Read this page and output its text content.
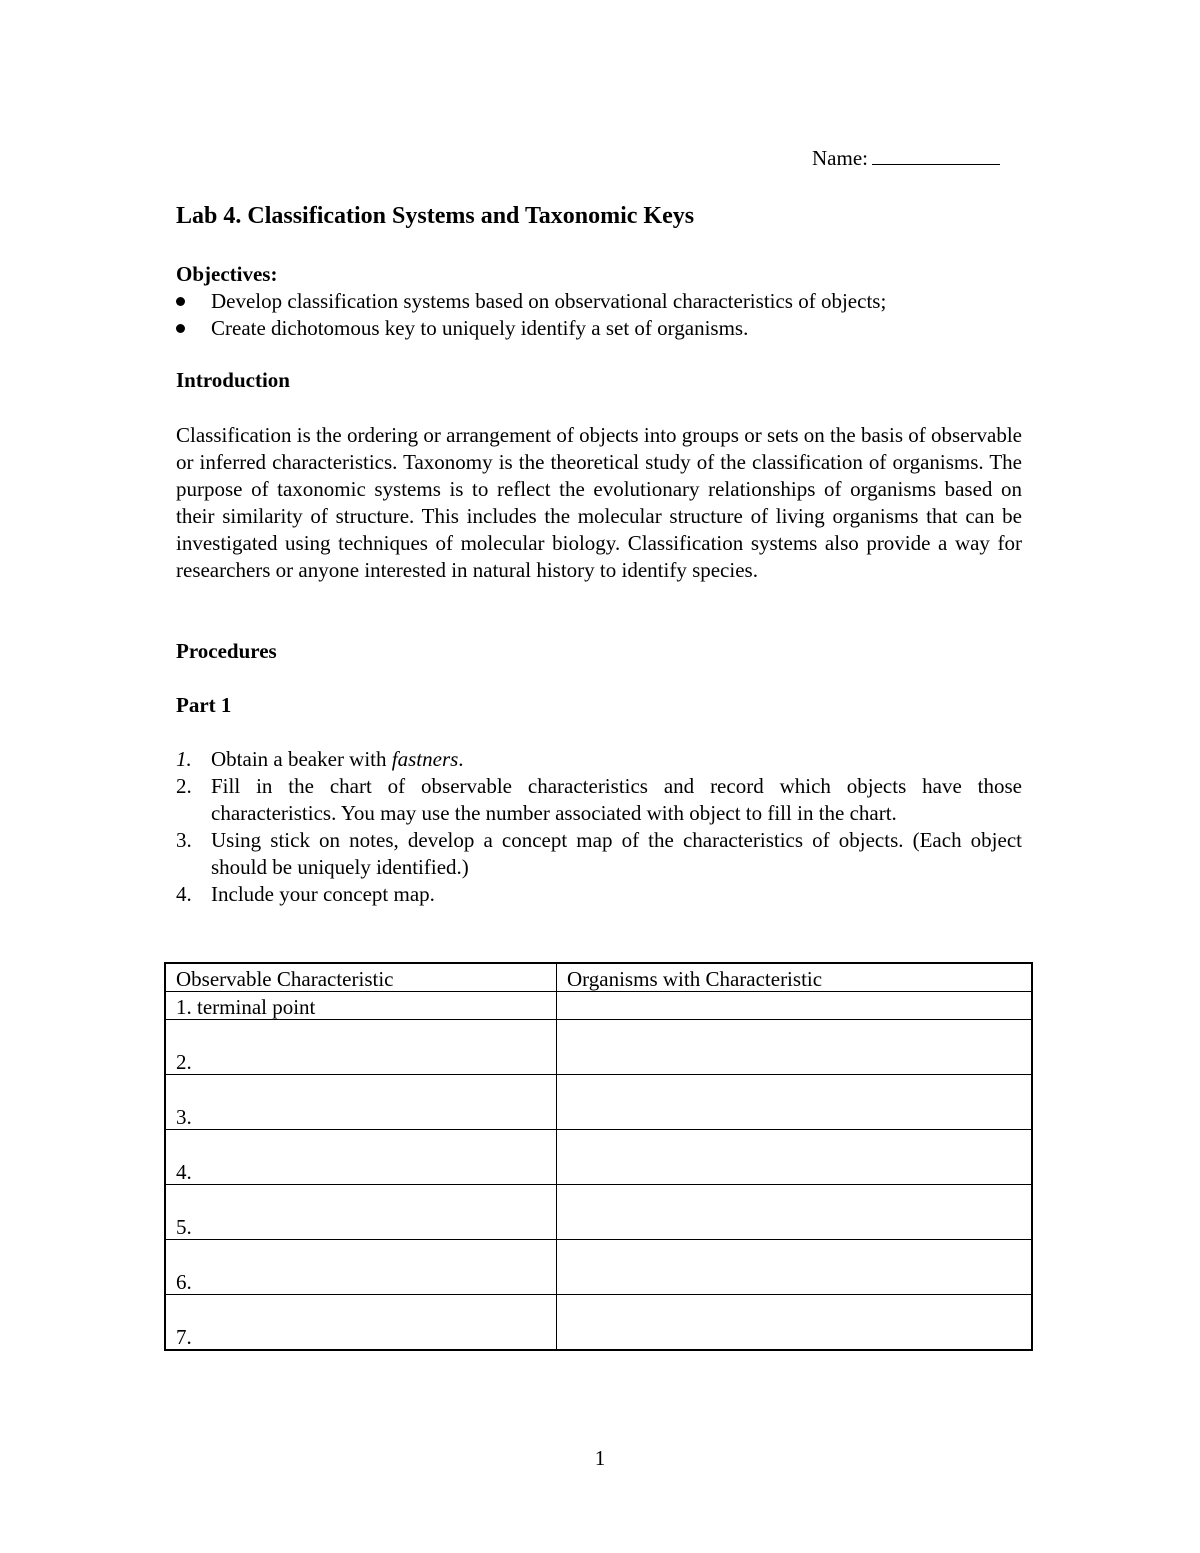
Name:
Lab 4. Classification Systems and Taxonomic Keys
Objectives:
Develop classification systems based on observational characteristics of objects;
Create dichotomous key to uniquely identify a set of organisms.
Introduction

Classification is the ordering or arrangement of objects into groups or sets on the basis of observable or inferred characteristics. Taxonomy is the theoretical study of the classification of organisms. The purpose of taxonomic systems is to reflect the evolutionary relationships of organisms based on their similarity of structure. This includes the molecular structure of living organisms that can be investigated using techniques of molecular biology. Classification systems also provide a way for researchers or anyone interested in natural history to identify species.

Procedures
Part 1
1. Obtain a beaker with fastners.
2. Fill in the chart of observable characteristics and record which objects have those characteristics. You may use the number associated with object to fill in the chart.
3. Using stick on notes, develop a concept map of the characteristics of objects. (Each object should be uniquely identified.)
4. Include your concept map.
Observable Characteristic	Organisms with Characteristic
1. terminal point	
2.	
3.	
4.	
5.	
6.	
7.	
1
